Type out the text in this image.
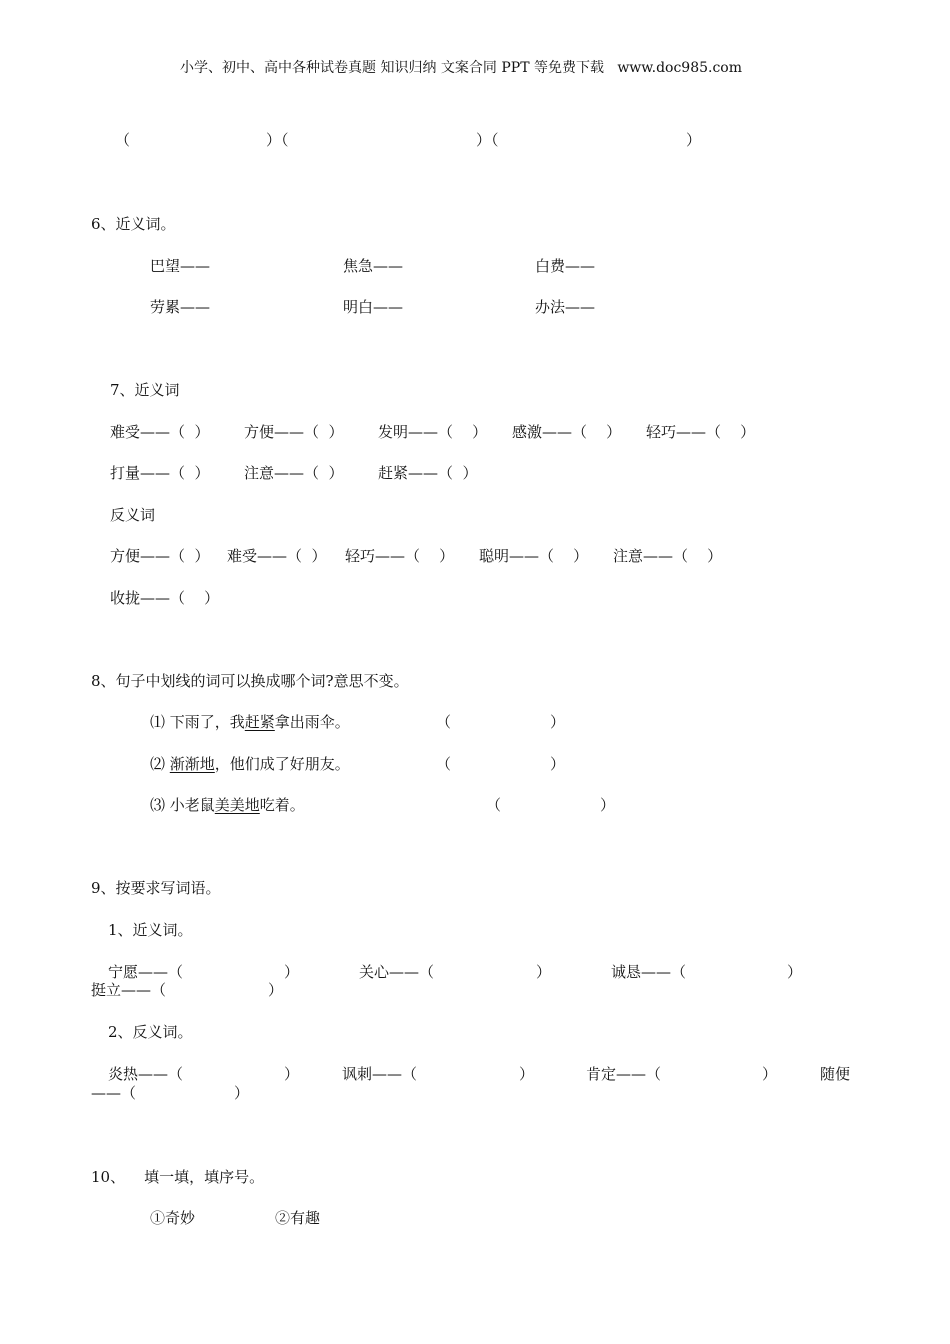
小学、初中、高中各种试卷真题 知识归纳 文案合同 PPT 等免费下载   www.doc985.com
（	）（	）（	）
6、近义词。
巴望——	焦急——	白费——
劳累——	明白——	办法——
7、近义词
难受——（  ） 方便——（  ） 发明——（    ） 感激——（    ） 轻巧——（    ）
打量——（  ） 注意——（  ） 赶紧——（  ）
反义词
方便——（  ） 难受——（  ） 轻巧——（    ） 聪明——（    ） 注意——（    ）
收拢——（    ）
8、句子中划线的词可以换成哪个词?意思不变。
⑴ 下雨了，我赶紧拿出雨伞。	（	）
⑵ 渐渐地，他们成了好朋友。	（	）
⑶ 小老鼠美美地吃着。	（	）
9、按要求写词语。
1、近义词。
宁愿——（	）	关心——（	）	诚恳——（	）
挺立——（	）
2、反义词。
炎热——（	）	讽刺——（	）	肯定——（	）	随便
——（	）
10、    填一填，填序号。
①奇妙	②有趣
